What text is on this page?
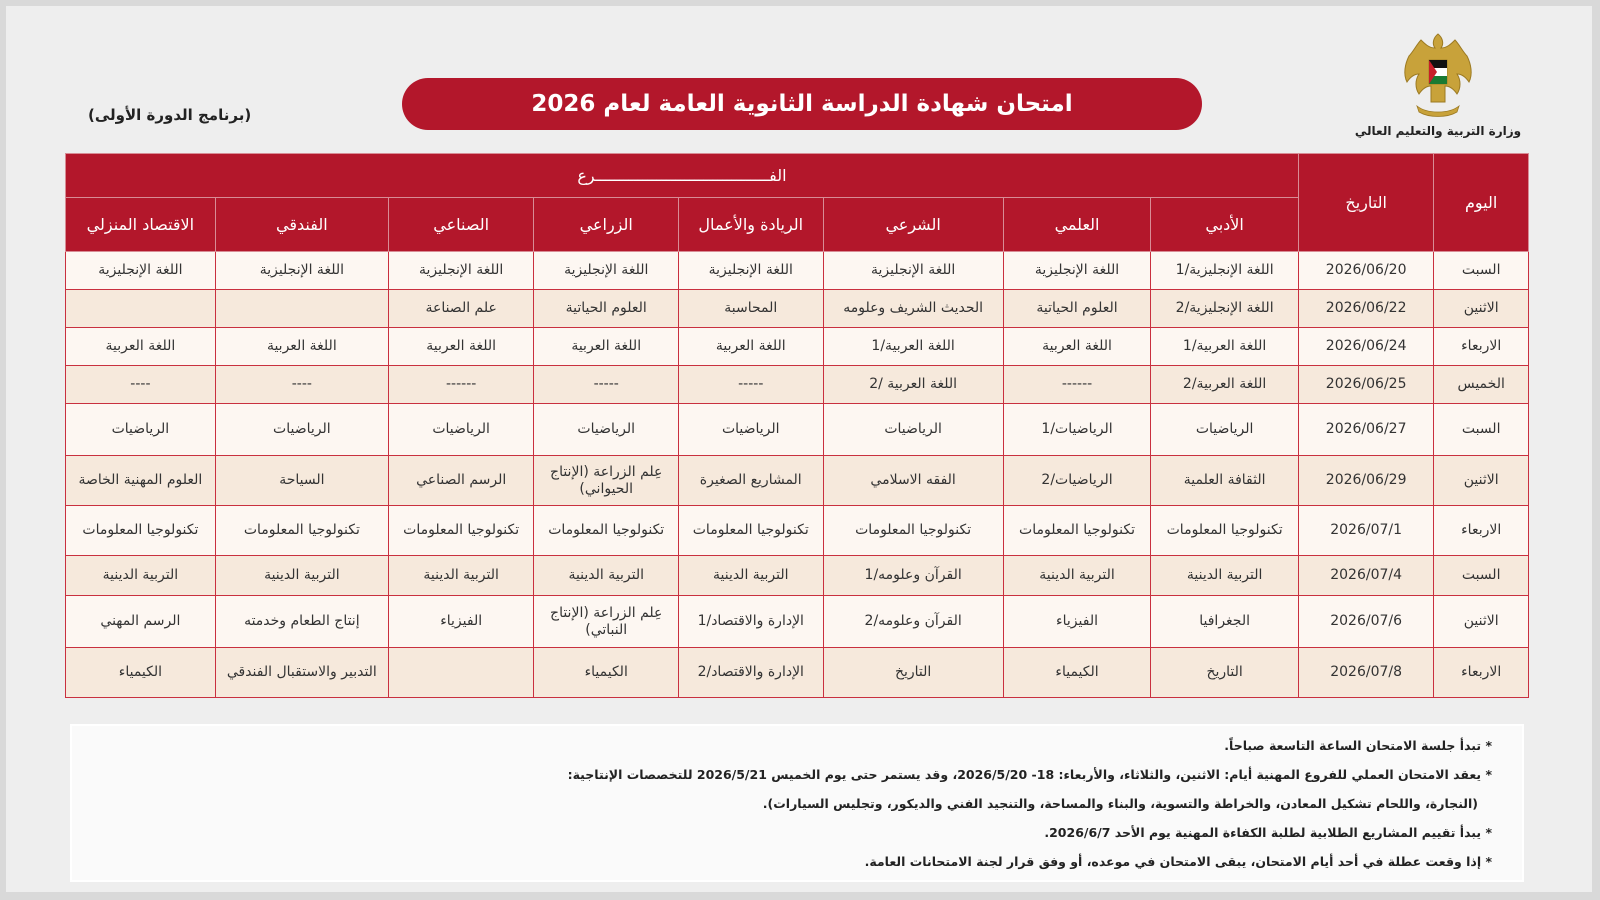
وزارة التربية والتعليم العالي
امتحان شهادة الدراسة الثانوية العامة لعام 2026
(برنامج الدورة الأولى)
اليوم	التاريخ	الفـــــــــــــــــــــــــــــــــــــرع							
		الأدبي	العلمي	الشرعي	الريادة والأعمال	الزراعي	الصناعي	الفندقي	الاقتصاد المنزلي
السبت	2026/06/20	اللغة الإنجليزية/1	اللغة الإنجليزية	اللغة الإنجليزية	اللغة الإنجليزية	اللغة الإنجليزية	اللغة الإنجليزية	اللغة الإنجليزية	اللغة الإنجليزية
الاثنين	2026/06/22	اللغة الإنجليزية/2	العلوم الحياتية	الحديث الشريف وعلومه	المحاسبة	العلوم الحياتية	علم الصناعة		
الاربعاء	2026/06/24	اللغة العربية/1	اللغة العربية	اللغة العربية/1	اللغة العربية	اللغة العربية	اللغة العربية	اللغة العربية	اللغة العربية
الخميس	2026/06/25	اللغة العربية/2	------	اللغة العربية /2	-----	-----	------	----	----
السبت	2026/06/27	الرياضيات	الرياضيات/1	الرياضيات	الرياضيات	الرياضيات	الرياضيات	الرياضيات	الرياضيات
الاثنين	2026/06/29	الثقافة العلمية	الرياضيات/2	الفقه الاسلامي	المشاريع الصغيرة	عِلم الزراعة (الإنتاج الحيواني)	الرسم الصناعي	السياحة	العلوم المهنية الخاصة
الاربعاء	2026/07/1	تكنولوجيا المعلومات	تكنولوجيا المعلومات	تكنولوجيا المعلومات	تكنولوجيا المعلومات	تكنولوجيا المعلومات	تكنولوجيا المعلومات	تكنولوجيا المعلومات	تكنولوجيا المعلومات
السبت	2026/07/4	التربية الدينية	التربية الدينية	القرآن وعلومه/1	التربية الدينية	التربية الدينية	التربية الدينية	التربية الدينية	التربية الدينية
الاثنين	2026/07/6	الجغرافيا	الفيزياء	القرآن وعلومه/2	الإدارة والاقتصاد/1	عِلم الزراعة (الإنتاج النباتي)	الفيزياء	إنتاج الطعام وخدمته	الرسم المهني
الاربعاء	2026/07/8	التاريخ	الكيمياء	التاريخ	الإدارة والاقتصاد/2	الكيمياء		التدبير والاستقبال الفندقي	الكيمياء
* تبدأ جلسة الامتحان الساعة التاسعة صباحاً.
* يعقد الامتحان العملي للفروع المهنية أيام: الاثنين، والثلاثاء، والأربعاء: 18- 2026/5/20، وقد يستمر حتى يوم الخميس 2026/5/21 للتخصصات الإنتاجية:
(النجارة، واللحام تشكيل المعادن، والخراطة والتسوية، والبناء والمساحة، والتنجيد الفني والديكور، وتجليس السيارات).
* يبدأ تقييم المشاريع الطلابية لطلبة الكفاءة المهنية يوم الأحد 2026/6/7.
* إذا وقعت عطلة في أحد أيام الامتحان، يبقى الامتحان في موعده، أو وفق قرار لجنة الامتحانات العامة.
